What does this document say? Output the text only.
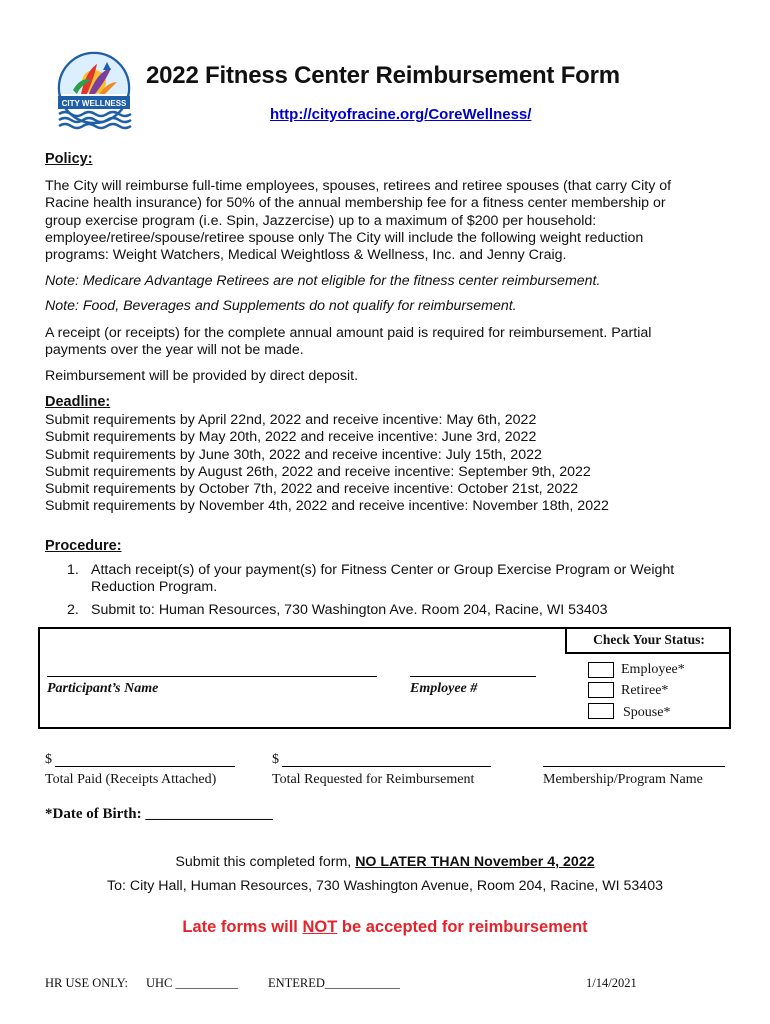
CITY WELLNESS
2022 Fitness Center Reimbursement Form
http://cityofracine.org/CoreWellness/
Policy:
The City will reimburse full-time employees, spouses, retirees and retiree spouses (that carry City of
Racine health insurance) for 50% of the annual membership fee for a fitness center membership or
group exercise program (i.e. Spin, Jazzercise) up to a maximum of $200 per household:
employee/retiree/spouse/retiree spouse only The City will include the following weight reduction
programs: Weight Watchers, Medical Weightloss & Wellness, Inc. and Jenny Craig.
Note: Medicare Advantage Retirees are not eligible for the fitness center reimbursement.
Note: Food, Beverages and Supplements do not qualify for reimbursement.
A receipt (or receipts) for the complete annual amount paid is required for reimbursement. Partial
payments over the year will not be made.
Reimbursement will be provided by direct deposit.
Deadline:
Submit requirements by April 22nd, 2022 and receive incentive: May 6th, 2022
Submit requirements by May 20th, 2022 and receive incentive: June 3rd, 2022
Submit requirements by June 30th, 2022 and receive incentive: July 15th, 2022
Submit requirements by August 26th, 2022 and receive incentive: September 9th, 2022
Submit requirements by October 7th, 2022 and receive incentive: October 21st, 2022
Submit requirements by November 4th, 2022 and receive incentive: November 18th, 2022
Procedure:
1. Attach receipt(s) of your payment(s) for Fitness Center or Group Exercise Program or Weight
Reduction Program.
2. Submit to: Human Resources, 730 Washington Ave. Room 204, Racine, WI 53403
Check Your Status:
Participant’s Name	Employee #
Employee*
Retiree*
Spouse*
$
Total Paid (Receipts Attached)
$
Total Requested for Reimbursement	Membership/Program Name
*Date of Birth: _________________
Submit this completed form, NO LATER THAN November 4, 2022
To: City Hall, Human Resources, 730 Washington Avenue, Room 204, Racine, WI 53403
Late forms will NOT be accepted for reimbursement
HR USE ONLY: UHC __________ ENTERED____________	1/14/2021
